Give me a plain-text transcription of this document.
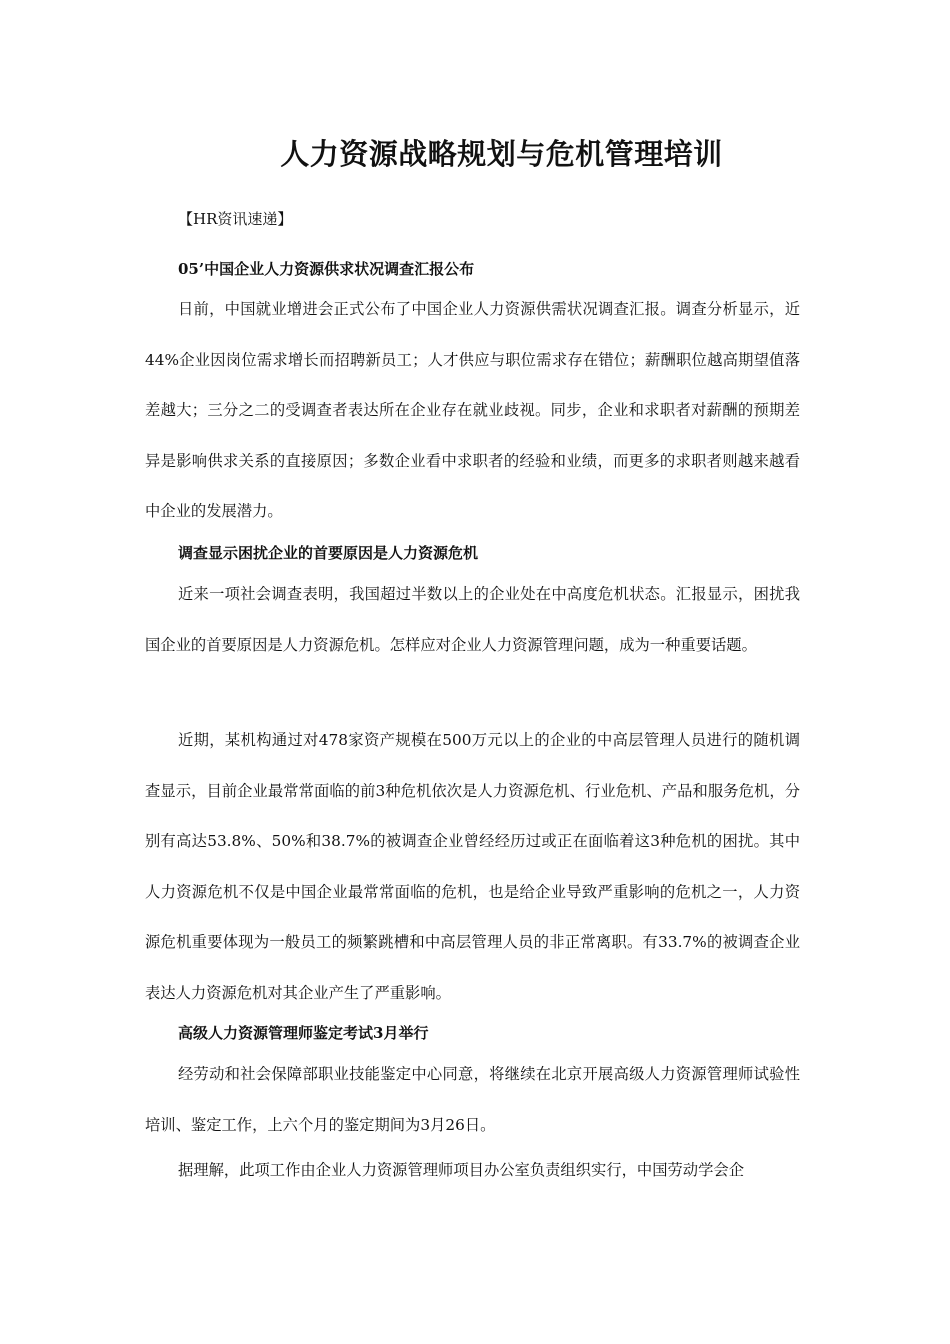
人力资源战略规划与危机管理培训
【HR资讯速递】
05’中国企业人力资源供求状况调查汇报公布

日前，中国就业增进会正式公布了中国企业人力资源供需状况调查汇报。调查分析显示，近44%企业因岗位需求增长而招聘新员工；人才供应与职位需求存在错位；薪酬职位越高期望值落差越大；三分之二的受调查者表达所在企业存在就业歧视。同步，企业和求职者对薪酬的预期差异是影响供求关系的直接原因；多数企业看中求职者的经验和业绩，而更多的求职者则越来越看中企业的发展潜力。

调查显示困扰企业的首要原因是人力资源危机

近来一项社会调查表明，我国超过半数以上的企业处在中高度危机状态。汇报显示，困扰我国企业的首要原因是人力资源危机。怎样应对企业人力资源管理问题，成为一种重要话题。

近期，某机构通过对478家资产规模在500万元以上的企业的中高层管理人员进行的随机调查显示，目前企业最常常面临的前3种危机依次是人力资源危机、行业危机、产品和服务危机，分别有高达53.8%、50%和38.7%的被调查企业曾经经历过或正在面临着这3种危机的困扰。其中人力资源危机不仅是中国企业最常常面临的危机，也是给企业导致严重影响的危机之一，人力资源危机重要体现为一般员工的频繁跳槽和中高层管理人员的非正常离职。有33.7%的被调查企业表达人力资源危机对其企业产生了严重影响。

高级人力资源管理师鉴定考试3月举行

经劳动和社会保障部职业技能鉴定中心同意，将继续在北京开展高级人力资源管理师试验性培训、鉴定工作，上六个月的鉴定期间为3月26日。

据理解，此项工作由企业人力资源管理师项目办公室负责组织实行，中国劳动学会企
